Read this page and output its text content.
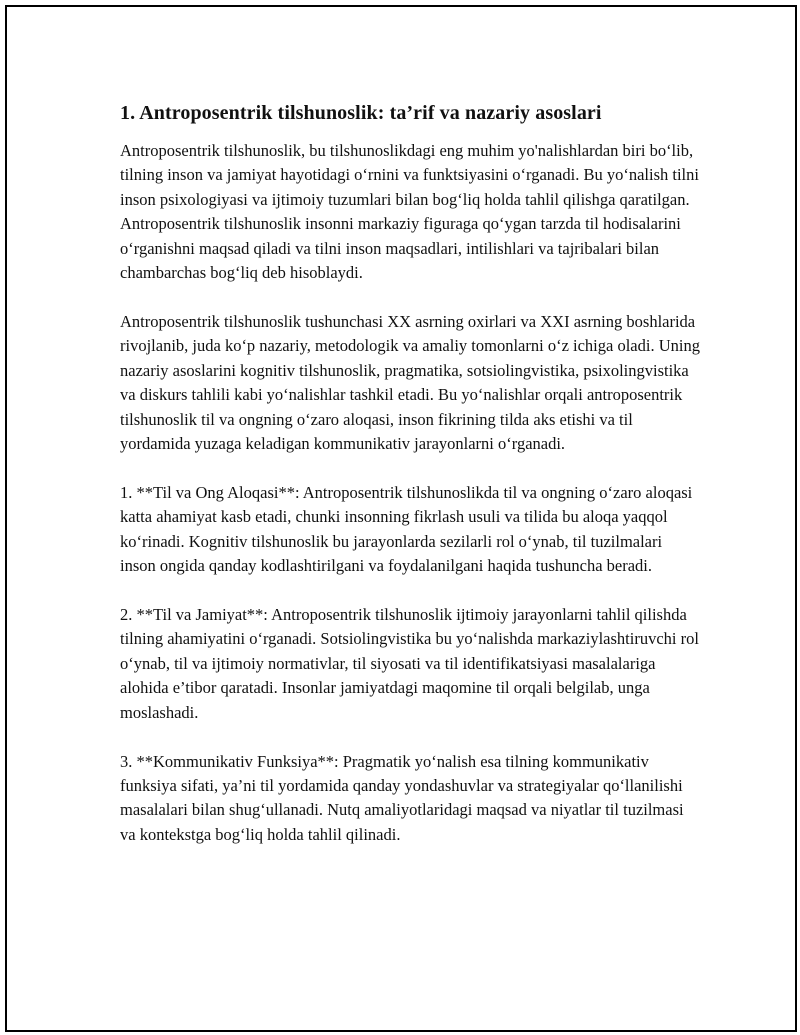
1. Antroposentrik tilshunoslik: ta’rif va nazariy asoslari

Antroposentrik tilshunoslik, bu tilshunoslikdagi eng muhim yo'nalishlardan biri bo‘lib, tilning inson va jamiyat hayotidagi o‘rnini va funktsiyasini o‘rganadi. Bu yo‘nalish tilni inson psixologiyasi va ijtimoiy tuzumlari bilan bog‘liq holda tahlil qilishga qaratilgan. Antroposentrik tilshunoslik insonni markaziy figuraga qo‘ygan tarzda til hodisalarini o‘rganishni maqsad qiladi va tilni inson maqsadlari, intilishlari va tajribalari bilan chambarchas bog‘liq deb hisoblaydi.

Antroposentrik tilshunoslik tushunchasi XX asrning oxirlari va XXI asrning boshlarida rivojlanib, juda ko‘p nazariy, metodologik va amaliy tomonlarni o‘z ichiga oladi. Uning nazariy asoslarini kognitiv tilshunoslik, pragmatika, sotsiolingvistika, psixolingvistika va diskurs tahlili kabi yo‘nalishlar tashkil etadi. Bu yo‘nalishlar orqali antroposentrik tilshunoslik til va ongning o‘zaro aloqasi, inson fikrining tilda aks etishi va til yordamida yuzaga keladigan kommunikativ jarayonlarni o‘rganadi.

1. **Til va Ong Aloqasi**: Antroposentrik tilshunoslikda til va ongning o‘zaro aloqasi katta ahamiyat kasb etadi, chunki insonning fikrlash usuli va tilida bu aloqa yaqqol ko‘rinadi. Kognitiv tilshunoslik bu jarayonlarda sezilarli rol o‘ynab, til tuzilmalari inson ongida qanday kodlashtirilgani va foydalanilgani haqida tushuncha beradi.

2. **Til va Jamiyat**: Antroposentrik tilshunoslik ijtimoiy jarayonlarni tahlil qilishda tilning ahamiyatini o‘rganadi. Sotsiolingvistika bu yo‘nalishda markaziylashtiruvchi rol o‘ynab, til va ijtimoiy normativlar, til siyosati va til identifikatsiyasi masalalariga alohida e’tibor qaratadi. Insonlar jamiyatdagi maqomine til orqali belgilab, unga moslashadi.

3. **Kommunikativ Funksiya**: Pragmatik yo‘nalish esa tilning kommunikativ funksiya sifati, ya’ni til yordamida qanday yondashuvlar va strategiyalar qo‘llanilishi masalalari bilan shug‘ullanadi. Nutq amaliyotlaridagi maqsad va niyatlar til tuzilmasi va kontekstga bog‘liq holda tahlil qilinadi.
